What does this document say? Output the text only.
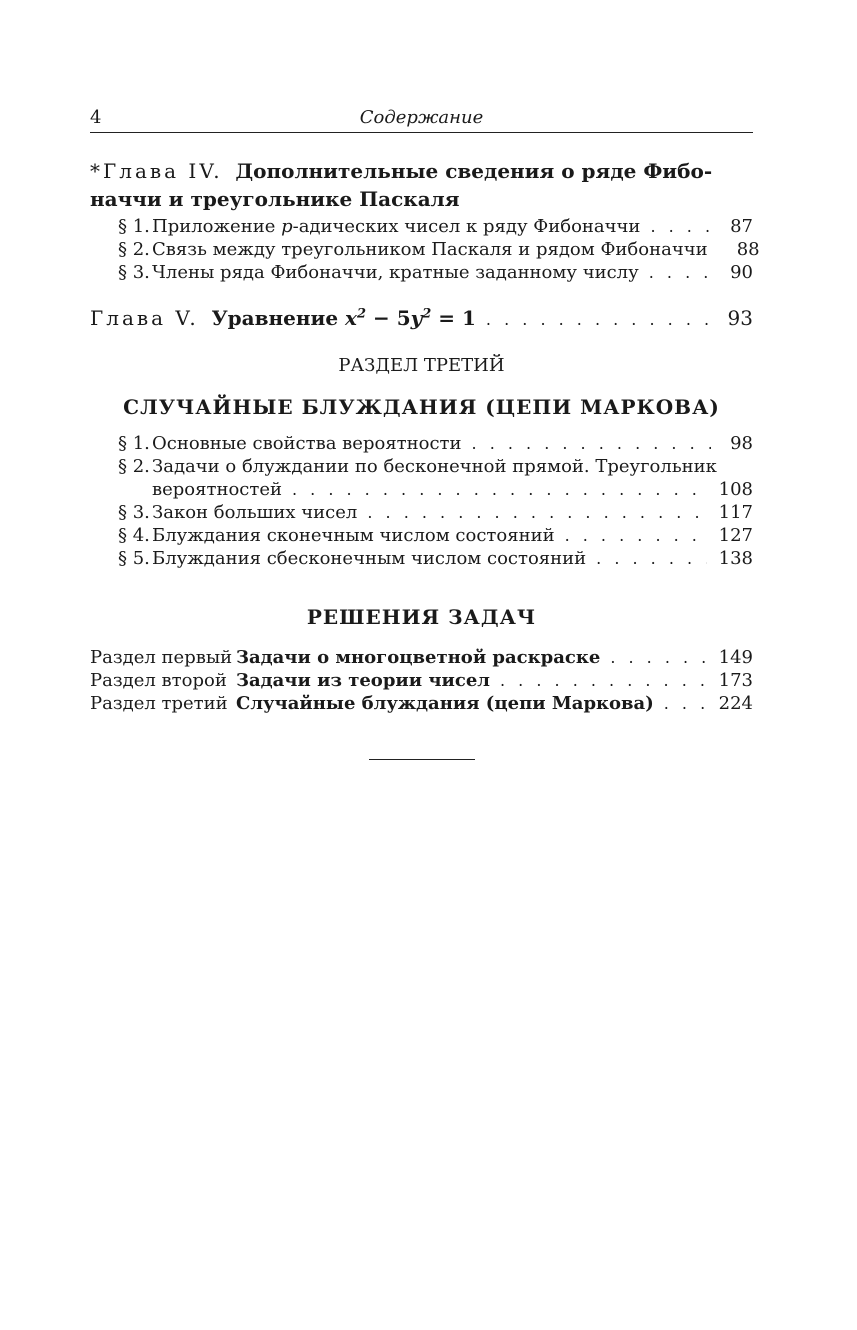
4	Содержание
*Глава IV. Дополнительные сведения о ряде Фибо-
наччи и треугольнике Паскаля
§ 1. Приложение p-адических чисел к ряду Фибоначчи . . .	87
§ 2. Связь между треугольником Паскаля и рядом Фибоначчи	88
§ 3. Члены ряда Фибоначчи, кратные заданному числу . . .	90
Глава V. Уравнение $x^2 - 5y^2 = 1$ . . .	93
РАЗДЕЛ ТРЕТИЙ
СЛУЧАЙНЫЕ БЛУЖДАНИЯ (ЦЕПИ МАРКОВА)
§ 1. Основные свойства вероятности . . .	98
§ 2. Задачи о блуждании по бесконечной прямой. Треугольник
вероятностей . . .	108
§ 3. Закон больших чисел . . .	117
§ 4. Блуждания сконечным числом состояний . . .	127
§ 5. Блуждания сбесконечным числом состояний . . .	138
РЕШЕНИЯ ЗАДАЧ
Раздел первый Задачи о многоцветной раскраске . . .	149
Раздел второй Задачи из теории чисел . . .	173
Раздел третий Случайные блуждания (цепи Маркова) . . .	224
